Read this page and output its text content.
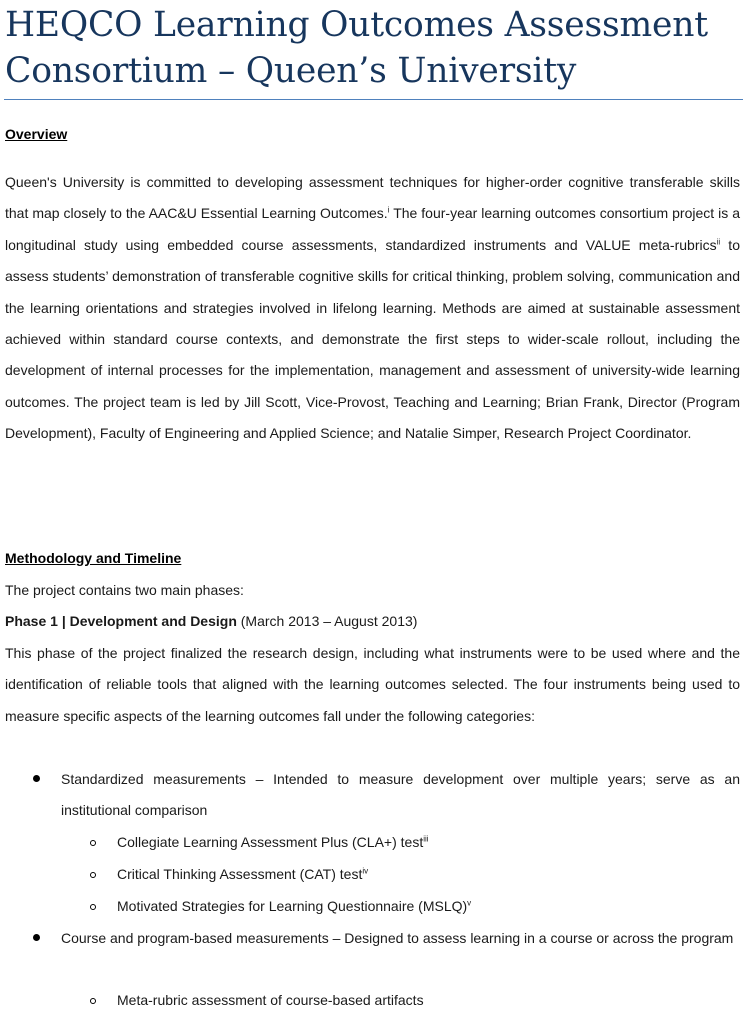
HEQCO Learning Outcomes Assessment Consortium – Queen’s University
Overview

Queen's University is committed to developing assessment techniques for higher-order cognitive transferable skills that map closely to the AAC&U Essential Learning Outcomes.$^i$ The four-year learning outcomes consortium project is a longitudinal study using embedded course assessments, standardized instruments and VALUE meta-rubrics$^{ii}$ to assess students’ demonstration of transferable cognitive skills for critical thinking, problem solving, communication and the learning orientations and strategies involved in lifelong learning. Methods are aimed at sustainable assessment achieved within standard course contexts, and demonstrate the first steps to wider-scale rollout, including the development of internal processes for the implementation, management and assessment of university-wide learning outcomes. The project team is led by Jill Scott, Vice-Provost, Teaching and Learning; Brian Frank, Director (Program Development), Faculty of Engineering and Applied Science; and Natalie Simper, Research Project Coordinator.

Methodology and Timeline
The project contains two main phases:
Phase 1 | Development and Design (March 2013 – August 2013)

This phase of the project finalized the research design, including what instruments were to be used where and the identification of reliable tools that aligned with the learning outcomes selected. The four instruments being used to measure specific aspects of the learning outcomes fall under the following categories:

Standardized measurements – Intended to measure development over multiple years; serve as an institutional comparison

Collegiate Learning Assessment Plus (CLA+) test$^{iii}$
Critical Thinking Assessment (CAT) test$^{iv}$
Motivated Strategies for Learning Questionnaire (MSLQ)$^v$

Course and program-based measurements – Designed to assess learning in a course or across the program

Meta-rubric assessment of course-based artifacts
